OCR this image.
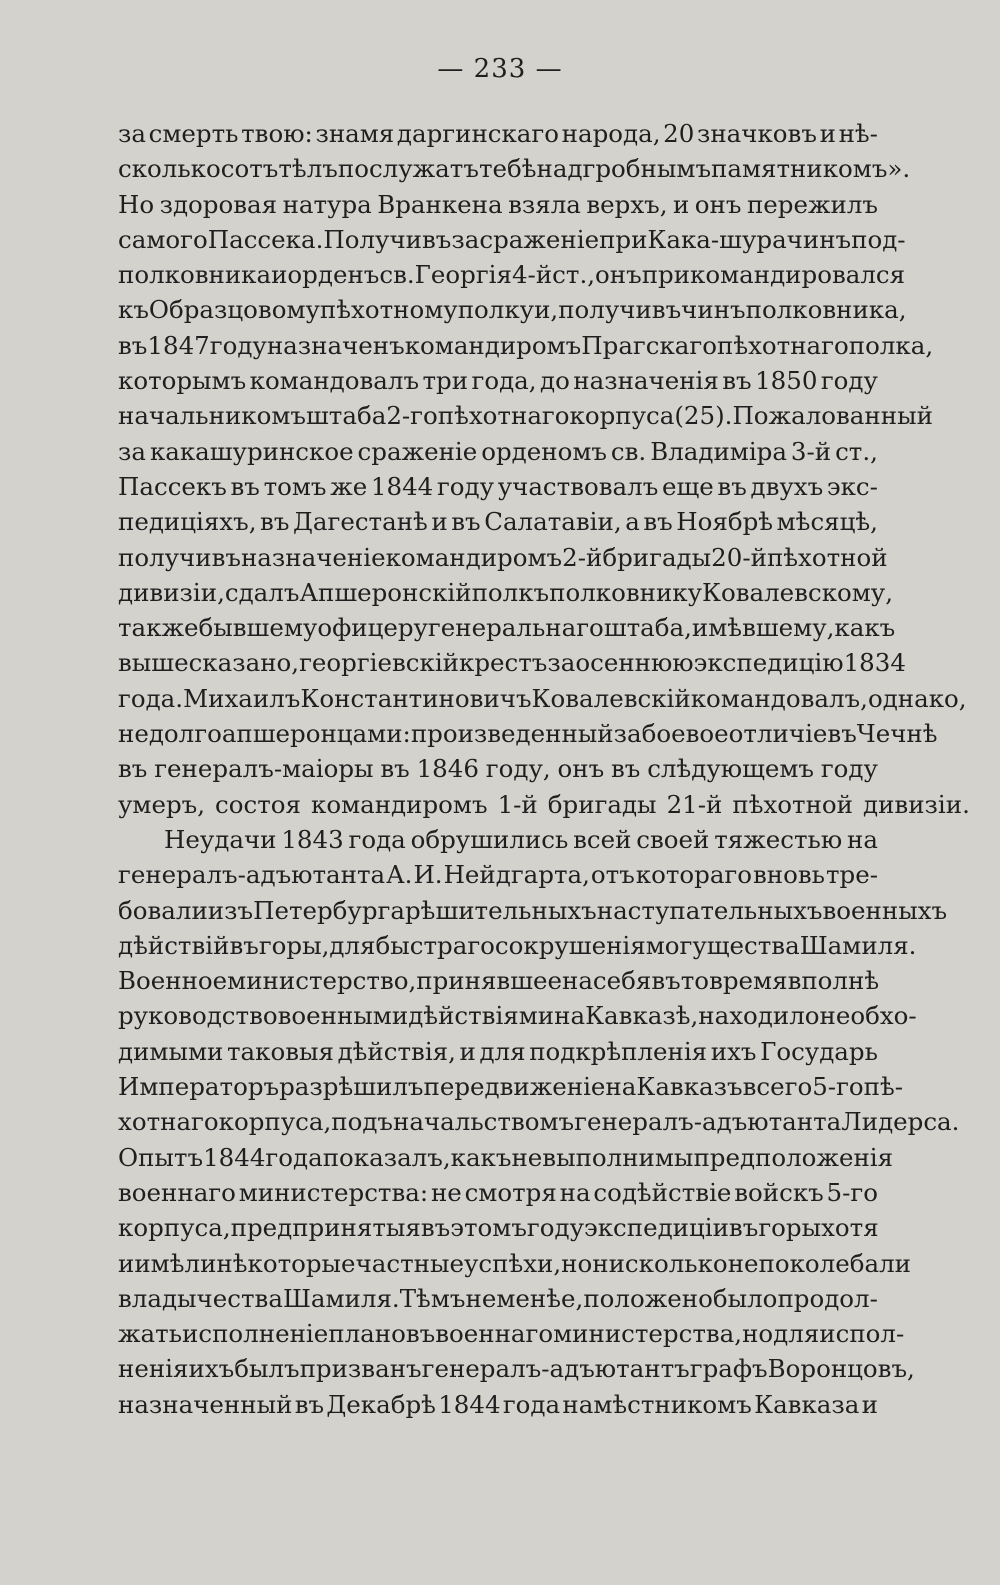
— 233 —
за смерть твою: знамя даргинскаго народа, 20 значковъ и нѣ-
сколько сотъ тѣлъ послужатъ тебѣ надгробнымъ памятникомъ».
Но здоровая натура Вранкена взяла верхъ, и онъ пережилъ
самого Пассека. Получивъ за сраженіе при Кака-шура чинъ под-
полковника и орденъ св. Георгія 4-й ст., онъ прикомандировался
къ Образцовому пѣхотному полку и, получивъ чинъ полковника,
въ 1847 году назначенъ командиромъ Прагскаго пѣхотнаго полка,
которымъ командовалъ три года, до назначенія въ 1850 году
начальникомъ штаба 2-го пѣхотнаго корпуса (25). Пожалованный
за какашуринское сраженіе орденомъ св. Владиміра 3-й ст.,
Пассекъ въ томъ же 1844 году участвовалъ еще въ двухъ экс-
педиціяхъ, въ Дагестанѣ и въ Салатавіи, а въ Ноябрѣ мѣсяцѣ,
получивъ назначеніе командиромъ 2-й бригады 20-й пѣхотной
дивизіи, сдалъ Апшеронскій полкъ полковнику Ковалевскому,
также бывшему офицеру генеральнаго штаба, имѣвшему, какъ
выше сказано, георгіевскій крестъ за осеннюю экспедицію 1834
года. Михаилъ Константиновичъ Ковалевскій командовалъ, однако,
недолго апшеронцами: произведенный за боевое отличіе въ Чечнѣ
въ генералъ-маіоры въ 1846 году, онъ въ слѣдующемъ году
умеръ, состоя командиромъ 1-й бригады 21-й пѣхотной дивизіи.
Неудачи 1843 года обрушились всей своей тяжестью на
генералъ-адъютанта А. И. Нейдгарта, отъ котораго вновь тре-
бовали изъ Петербурга рѣшительныхъ наступательныхъ военныхъ
дѣйствій въ горы, для быстраго сокрушенія могущества Шамиля.
Военное министерство, принявшее на себя въ то время вполнѣ
руководство военными дѣйствіями на Кавказѣ, находило необхо-
димыми таковыя дѣйствія, и для подкрѣпленія ихъ Государь
Императоръ разрѣшилъ передвиженіе на Кавказъ всего 5-го пѣ-
хотнаго корпуса, подъ начальствомъ генералъ-адъютанта Лидерса.
Опытъ 1844 года показалъ, какъ невыполнимы предположенія
военнаго министерства: не смотря на содѣйствіе войскъ 5-го
корпуса, предпринятыя въ этомъ году экспедиціи въ горы хотя
и имѣли нѣкоторые частные успѣхи, но нисколько не поколебали
владычества Шамиля. Тѣмъ не менѣе, положено было продол-
жать исполненіе плановъ военнаго министерства, но для испол-
ненія ихъ былъ призванъ генералъ-адъютантъ графъ Воронцовъ,
назначенный въ Декабрѣ 1844 года намѣстникомъ Кавказа и
